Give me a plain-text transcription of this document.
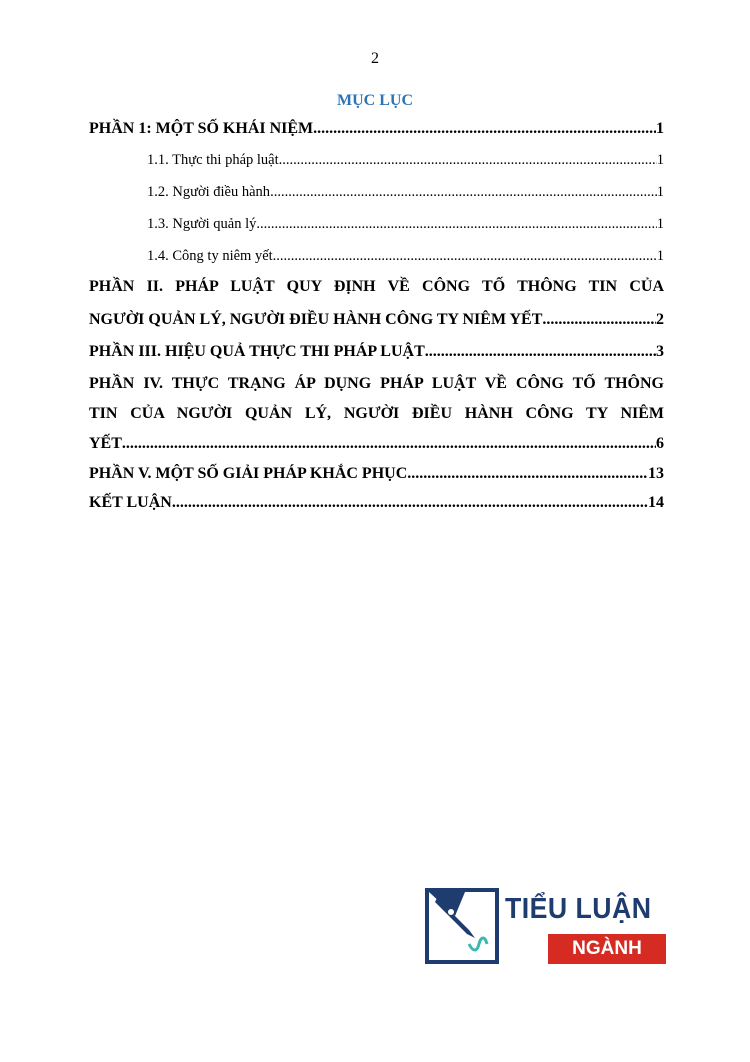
2
MỤC LỤC
PHẦN 1: MỘT SỐ KHÁI NIỆM .....	1
1.1. Thực thi pháp luật .....	1
1.2. Người điều hành .....	1
1.3. Người quản lý .....	1
1.4. Công ty niêm yết .....	1
PHẦN II. PHÁP LUẬT QUY ĐỊNH VỀ CÔNG TỐ THÔNG TIN CỦA
NGƯỜI QUẢN LÝ, NGƯỜI ĐIỀU HÀNH CÔNG TY NIÊM YẾT .....	2
PHẦN III. HIỆU QUẢ THỰC THI PHÁP LUẬT .....	3
PHẦN IV. THỰC TRẠNG ÁP DỤNG PHÁP LUẬT VỀ CÔNG TỐ THÔNG
TIN CỦA NGƯỜI QUẢN LÝ, NGƯỜI ĐIỀU HÀNH CÔNG TY NIÊM
YẾT .....	6
PHẦN V. MỘT SỐ GIẢI PHÁP KHẮC PHỤC .....	13
KẾT LUẬN .....	14
TIỂU LUẬN
NGÀNH LUẬT
